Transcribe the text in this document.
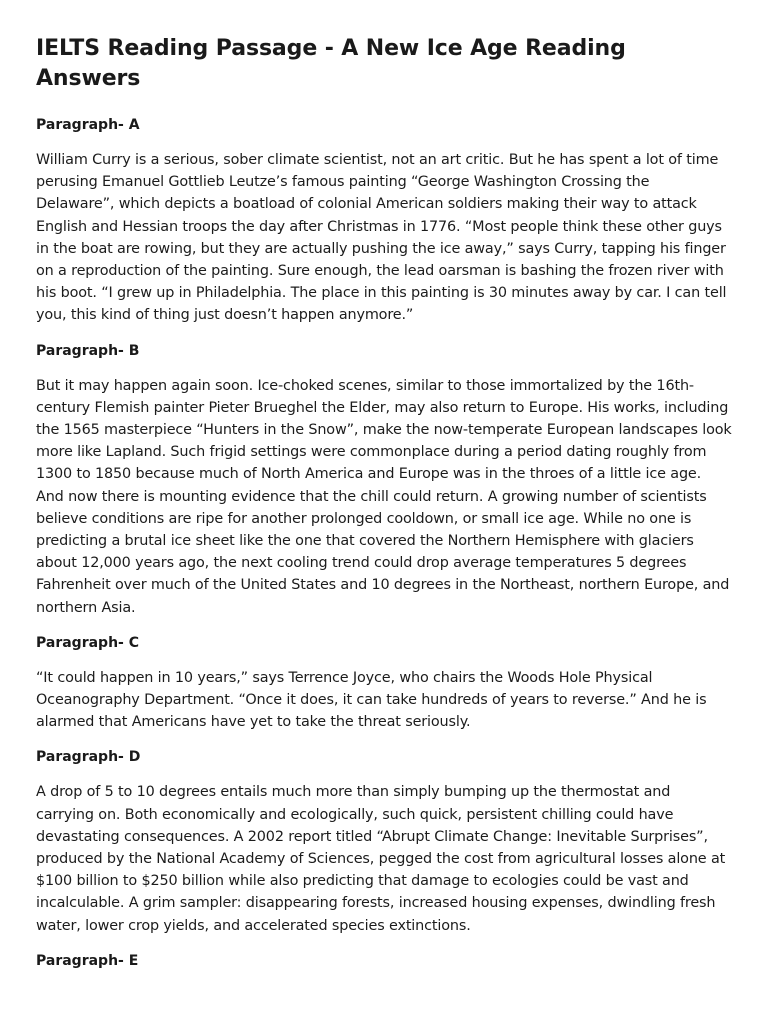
IELTS Reading Passage - A New Ice Age Reading Answers
Paragraph- A

William Curry is a serious, sober climate scientist, not an art critic. But he has spent a lot of time perusing Emanuel Gottlieb Leutze’s famous painting “George Washington Crossing the Delaware”, which depicts a boatload of colonial American soldiers making their way to attack English and Hessian troops the day after Christmas in 1776. “Most people think these other guys in the boat are rowing, but they are actually pushing the ice away,” says Curry, tapping his finger on a reproduction of the painting. Sure enough, the lead oarsman is bashing the frozen river with his boot. “I grew up in Philadelphia. The place in this painting is 30 minutes away by car. I can tell you, this kind of thing just doesn’t happen anymore.”

Paragraph- B

But it may happen again soon. Ice-choked scenes, similar to those immortalized by the 16th-century Flemish painter Pieter Brueghel the Elder, may also return to Europe. His works, including the 1565 masterpiece “Hunters in the Snow”, make the now-temperate European landscapes look more like Lapland. Such frigid settings were commonplace during a period dating roughly from 1300 to 1850 because much of North America and Europe was in the throes of a little ice age. And now there is mounting evidence that the chill could return. A growing number of scientists believe conditions are ripe for another prolonged cooldown, or small ice age. While no one is predicting a brutal ice sheet like the one that covered the Northern Hemisphere with glaciers about 12,000 years ago, the next cooling trend could drop average temperatures 5 degrees Fahrenheit over much of the United States and 10 degrees in the Northeast, northern Europe, and northern Asia.

Paragraph- C

“It could happen in 10 years,” says Terrence Joyce, who chairs the Woods Hole Physical Oceanography Department. “Once it does, it can take hundreds of years to reverse.” And he is alarmed that Americans have yet to take the threat seriously.

Paragraph- D

A drop of 5 to 10 degrees entails much more than simply bumping up the thermostat and carrying on. Both economically and ecologically, such quick, persistent chilling could have devastating consequences. A 2002 report titled “Abrupt Climate Change: Inevitable Surprises”, produced by the National Academy of Sciences, pegged the cost from agricultural losses alone at $100 billion to $250 billion while also predicting that damage to ecologies could be vast and incalculable. A grim sampler: disappearing forests, increased housing expenses, dwindling fresh water, lower crop yields, and accelerated species extinctions.

Paragraph- E
